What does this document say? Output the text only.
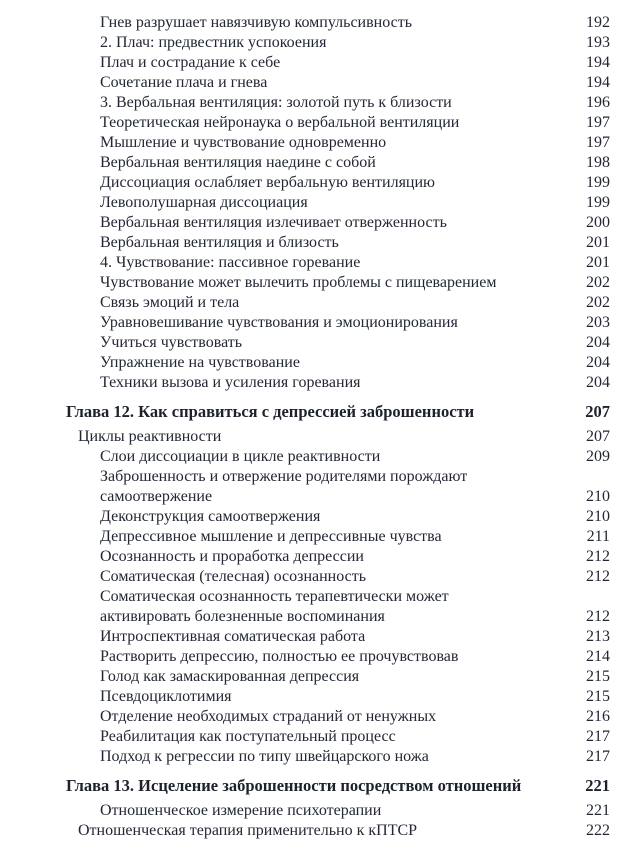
Гнев разрушает навязчивую компульсивность	192
2. Плач: предвестник успокоения	193
Плач и сострадание к себе	194
Сочетание плача и гнева	194
3. Вербальная вентиляция: золотой путь к близости	196
Теоретическая нейронаука о вербальной вентиляции	197
Мышление и чувствование одновременно	197
Вербальная вентиляция наедине с собой	198
Диссоциация ослабляет вербальную вентиляцию	199
Левополушарная диссоциация	199
Вербальная вентиляция излечивает отверженность	200
Вербальная вентиляция и близость	201
4. Чувствование: пассивное горевание	201
Чувствование может вылечить проблемы с пищеварением	202
Связь эмоций и тела	202
Уравновешивание чувствования и эмоционирования	203
Учиться чувствовать	204
Упражнение на чувствование	204
Техники вызова и усиления горевания	204
Глава 12. Как справиться с депрессией заброшенности	207
Циклы реактивности	207
Слои диссоциации в цикле реактивности	209
Заброшенность и отвержение родителями порождают
самоотвержение	210
Деконструкция самоотвержения	210
Депрессивное мышление и депрессивные чувства	211
Осознанность и проработка депрессии	212
Соматическая (телесная) осознанность	212
Соматическая осознанность терапевтически может
активировать болезненные воспоминания	212
Интроспективная соматическая работа	213
Растворить депрессию, полностью ее прочувствовав	214
Голод как замаскированная депрессия	215
Псевдоциклотимия	215
Отделение необходимых страданий от ненужных	216
Реабилитация как поступательный процесс	217
Подход к регрессии по типу швейцарского ножа	217
Глава 13. Исцеление заброшенности посредством отношений	221
Отношенческое измерение психотерапии	221
Отношенческая терапия применительно к кПТСР	222
